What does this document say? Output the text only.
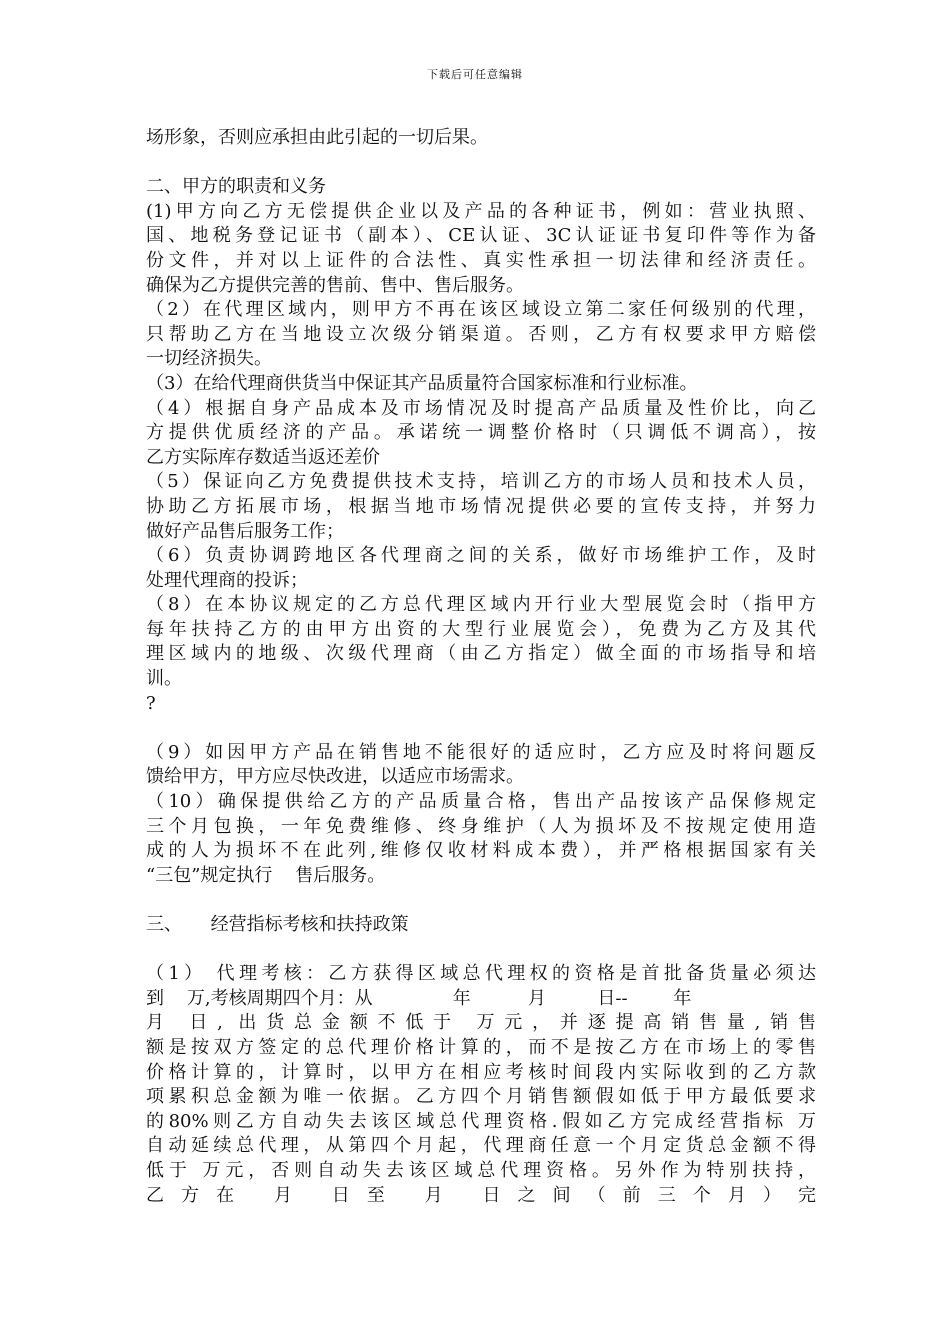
下载后可任意编辑
场形象，否则应承担由此引起的一切后果。
二、甲方的职责和义务
(1)甲方向乙方无偿提供企业以及产品的各种证书，例如：营业执照、
国、地税务登记证书（副本）、CE认证、3C认证证书复印件等作为备
份文件，并对以上证件的合法性、真实性承担一切法律和经济责任。
确保为乙方提供完善的售前、售中、售后服务。
（2）在代理区域内，则甲方不再在该区域设立第二家任何级别的代理，
只帮助乙方在当地设立次级分销渠道。否则，乙方有权要求甲方赔偿
一切经济损失。
（3）在给代理商供货当中保证其产品质量符合国家标准和行业标准。
（4）根据自身产品成本及市场情况及时提高产品质量及性价比，向乙
方提供优质经济的产品。承诺统一调整价格时（只调低不调高），按
乙方实际库存数适当返还差价
（5）保证向乙方免费提供技术支持，培训乙方的市场人员和技术人员，
协助乙方拓展市场，根据当地市场情况提供必要的宣传支持，并努力
做好产品售后服务工作；
（6）负责协调跨地区各代理商之间的关系，做好市场维护工作，及时
处理代理商的投诉；
（8）在本协议规定的乙方总代理区域内开行业大型展览会时（指甲方
每年扶持乙方的由甲方出资的大型行业展览会），免费为乙方及其代
理区域内的地级、次级代理商（由乙方指定）做全面的市场指导和培
训。
?
（9）如因甲方产品在销售地不能很好的适应时，乙方应及时将问题反
馈给甲方，甲方应尽快改进，以适应市场需求。
（10）确保提供给乙方的产品质量合格，售出产品按该产品保修规定
三个月包换，一年免费维修、终身维护（人为损坏及不按规定使用造
成的人为损坏不在此列,维修仅收材料成本费），并严格根据国家有关
“三包”规定执行    售后服务。
三、     经营指标考核和扶持政策
（1） 代理考核：乙方获得区域总代理权的资格是首批备货量必须达
到    万,考核周期四个月：从              年          月         日--        年
月 日, 出货总金额不低于 万元，并逐提高销售量,销售
额是按双方签定的总代理价格计算的，而不是按乙方在市场上的零售
价格计算的，计算时，以甲方在相应考核时间段内实际收到的乙方款
项累积总金额为唯一依据。乙方四个月销售额假如低于甲方最低要求
的80%则乙方自动失去该区域总代理资格.假如乙方完成经营指标 万
自动延续总代理，从第四个月起，代理商任意一个月定货总金额不得
低于 万元，否则自动失去该区域总代理资格。另外作为特别扶持，
乙方在 月 日至 月 日之间（前三个月）完
